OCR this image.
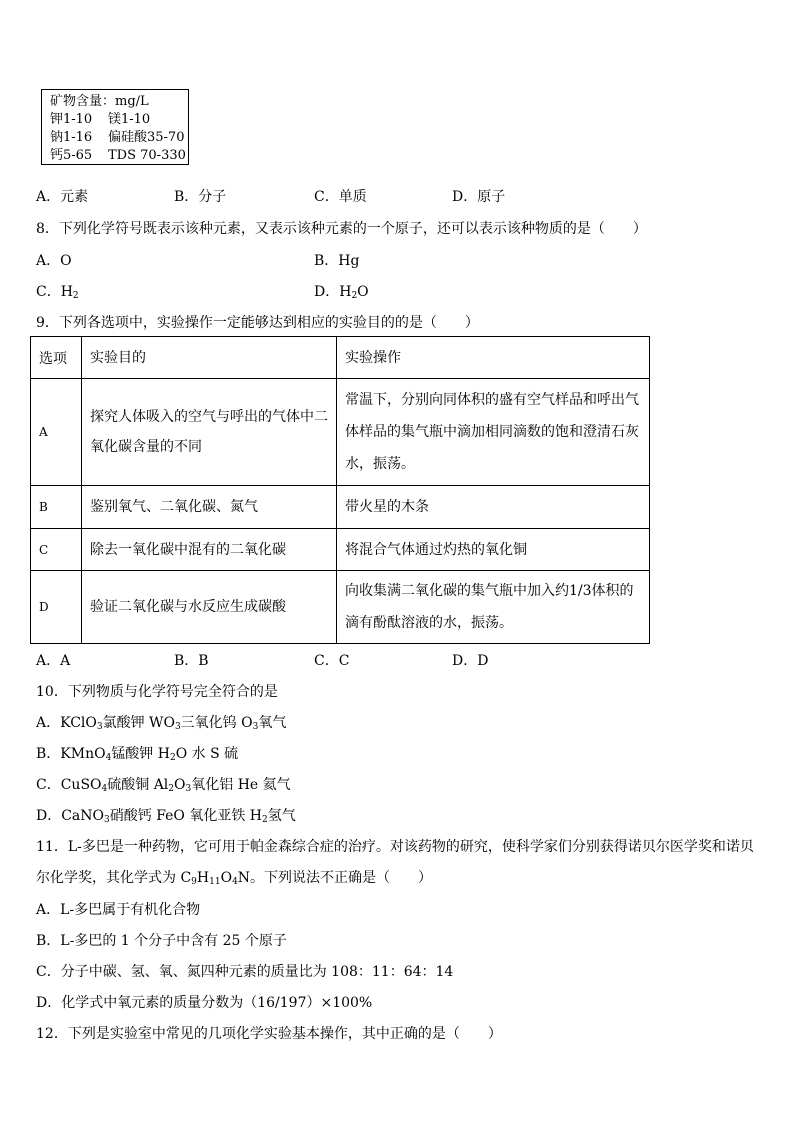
矿物含量：mg/L
钾1-10 镁1-10
钠1-16 偏硅酸35-70
钙5-65 TDS 70-330
A．元素	B．分子	C．单质	D．原子
8．下列化学符号既表示该种元素，又表示该种元素的一个原子，还可以表示该种物质的是（　　）
A．O	B．Hg
C．$H_2$	D．$H_2O$
9．下列各选项中，实验操作一定能够达到相应的实验目的的是（　　）
选项	实验目的	实验操作
A	探究人体吸入的空气与呼出的气体中二氧化碳含量的不同	常温下，分别向同体积的盛有空气样品和呼出气体样品的集气瓶中滴加相同滴数的饱和澄清石灰水，振荡。
B	鉴别氧气、二氧化碳、氮气	带火星的木条
C	除去一氧化碳中混有的二氧化碳	将混合气体通过灼热的氧化铜
D	验证二氧化碳与水反应生成碳酸	向收集满二氧化碳的集气瓶中加入约1/3体积的滴有酚酞溶液的水，振荡。
A．A	B．B	C．C	D．D
10．下列物质与化学符号完全符合的是
A．KClO$_3$氯酸钾 $WO_3$三氧化钨 $O_3$氧气
B．KMnO$_4$锰酸钾 $H_2O$ 水 S 硫
C．CuSO$_4$硫酸铜 $Al_2O_3$氧化铝 He 氦气
D．CaNO$_3$硝酸钙 FeO 氧化亚铁 $H_2$氢气
11．L-多巴是一种药物，它可用于帕金森综合症的治疗。对该药物的研究，使科学家们分别获得诺贝尔医学奖和诺贝
尔化学奖，其化学式为 $C_9H_{11}O_4N$。下列说法不正确是（　　）
A．L-多巴属于有机化合物
B．L-多巴的 1 个分子中含有 25 个原子
C．分子中碳、氢、氧、氮四种元素的质量比为 108：11：64：14
D．化学式中氧元素的质量分数为（16/197）×100%
12．下列是实验室中常见的几项化学实验基本操作，其中正确的是（　　）
